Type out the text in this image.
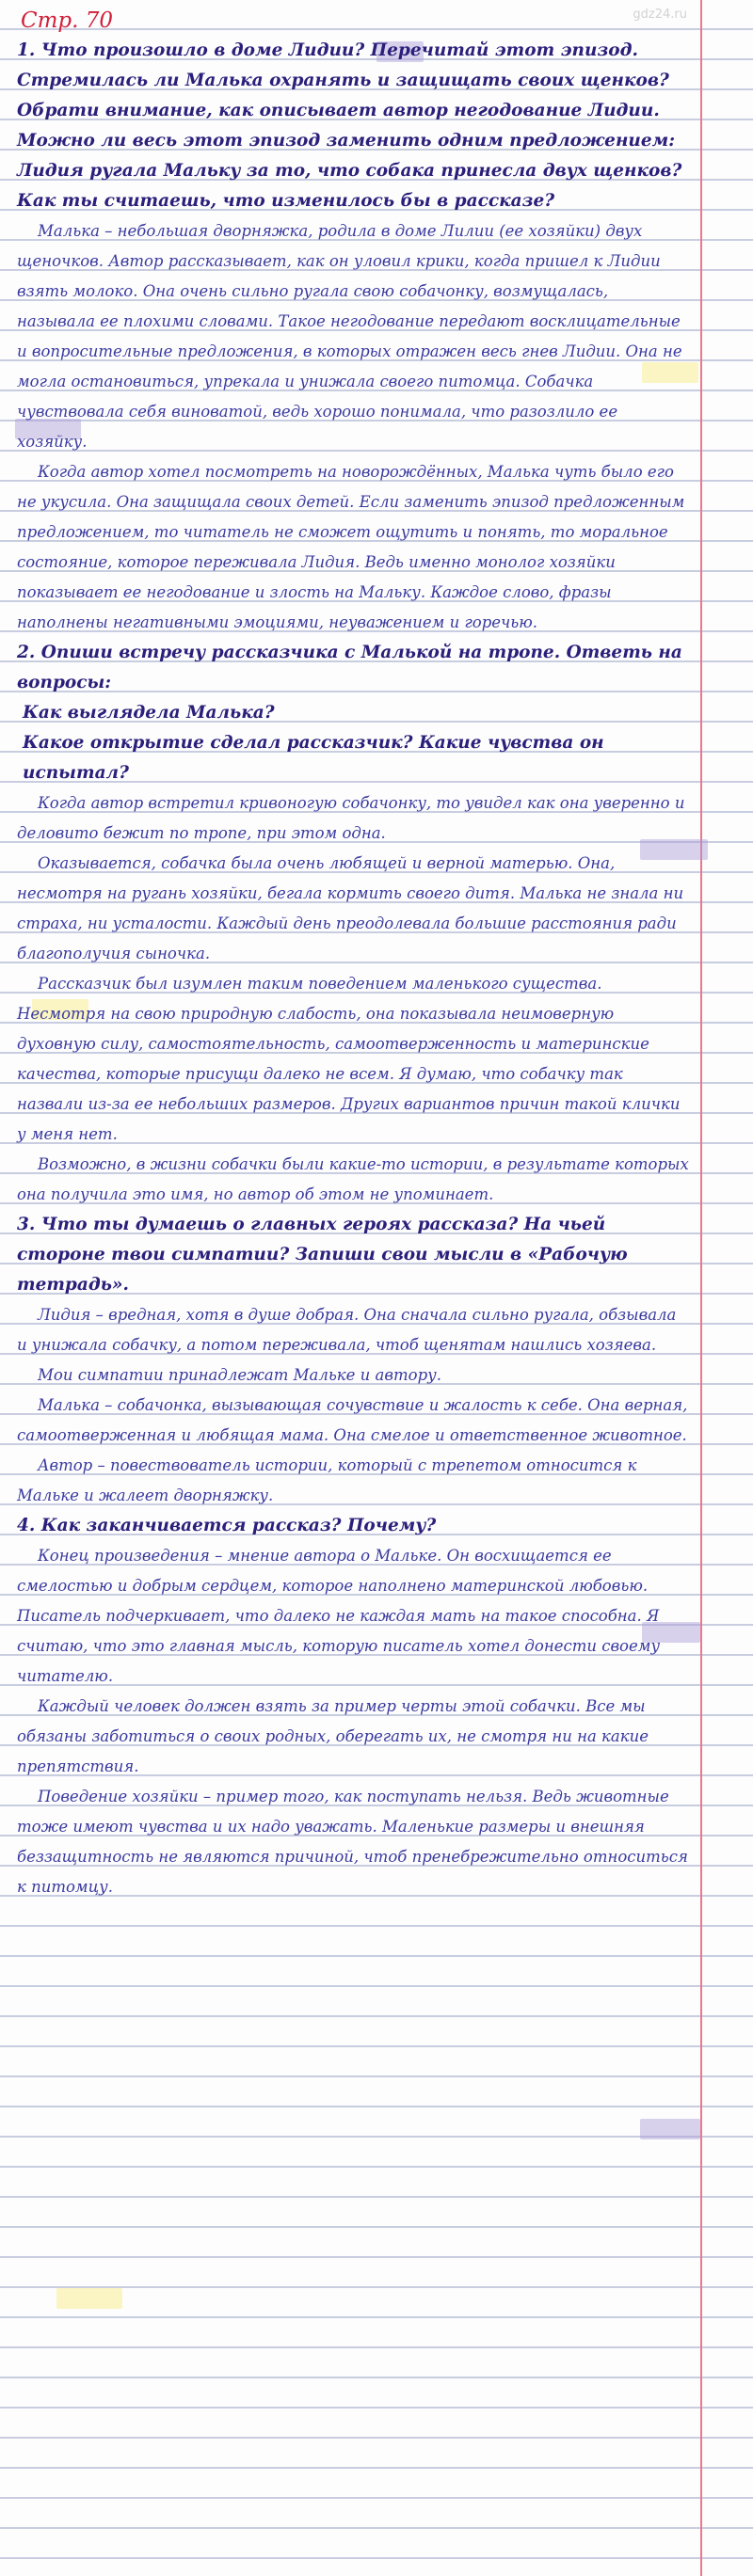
Стр. 70	gdz24.ru

1. Что произошло в доме Лидии? Перечитай этот эпизод. Стремилась ли Малька охранять и защищать своих щенков? Обрати внимание, как описывает автор негодование Лидии.

Можно ли весь этот эпизод заменить одним предложением: Лидия ругала Мальку за то, что собака принесла двух щенков? Как ты считаешь, что изменилось бы в рассказе?

Малька – небольшая дворняжка, родила в доме Лилии (ее хозяйки) двух щеночков. Автор рассказывает, как он уловил крики, когда пришел к Лидии взять молоко. Она очень сильно ругала свою собачонку, возмущалась, называла ее плохими словами. Такое негодование передают восклицательные и вопросительные предложения, в которых отражен весь гнев Лидии. Она не могла остановиться, упрекала и унижала своего питомца. Собачка чувствовала себя виноватой, ведь хорошо понимала, что разозлило ее хозяйку.

Когда автор хотел посмотреть на новорождённых, Малька чуть было его не укусила. Она защищала своих детей. Если заменить эпизод предложенным предложением, то читатель не сможет ощутить и понять, то моральное состояние, которое переживала Лидия. Ведь именно монолог хозяйки показывает ее негодование и злость на Мальку. Каждое слово, фразы наполнены негативными эмоциями, неуважением и горечью.

2. Опиши встречу рассказчика с Малькой на тропе. Ответь на вопросы:

Как выглядела Малька?

Какое открытие сделал рассказчик? Какие чувства он испытал?

Когда автор встретил кривоногую собачонку, то увидел как она уверенно и деловито бежит по тропе, при этом одна.

Оказывается, собачка была очень любящей и верной матерью. Она, несмотря на ругань хозяйки, бегала кормить своего дитя. Малька не знала ни страха, ни усталости. Каждый день преодолевала большие расстояния ради благополучия сыночка.

Рассказчик был изумлен таким поведением маленького существа. Несмотря на свою природную слабость, она показывала неимоверную духовную силу, самостоятельность, самоотверженность и материнские качества, которые присущи далеко не всем. Я думаю, что собачку так назвали из-за ее небольших размеров. Других вариантов причин такой клички у меня нет.

Возможно, в жизни собачки были какие-то истории, в результате которых она получила это имя, но автор об этом не упоминает.

3. Что ты думаешь о главных героях рассказа? На чьей стороне твои симпатии? Запиши свои мысли в «Рабочую тетрадь».

Лидия – вредная, хотя в душе добрая. Она сначала сильно ругала, обзывала и унижала собачку, а потом переживала, чтоб щенятам нашлись хозяева.

Мои симпатии принадлежат Мальке и автору.

Малька – собачонка, вызывающая сочувствие и жалость к себе. Она верная, самоотверженная и любящая мама. Она смелое и ответственное животное.

Автор – повествователь истории, который с трепетом относится к Мальке и жалеет дворняжку.

4. Как заканчивается рассказ? Почему?

Конец произведения – мнение автора о Мальке. Он восхищается ее смелостью и добрым сердцем, которое наполнено материнской любовью. Писатель подчеркивает, что далеко не каждая мать на такое способна. Я считаю, что это главная мысль, которую писатель хотел донести своему читателю.

Каждый человек должен взять за пример черты этой собачки. Все мы обязаны заботиться о своих родных, оберегать их, не смотря ни на какие препятствия.

Поведение хозяйки – пример того, как поступать нельзя. Ведь животные тоже имеют чувства и их надо уважать. Маленькие размеры и внешняя беззащитность не являются причиной, чтоб пренебрежительно относиться к питомцу.
